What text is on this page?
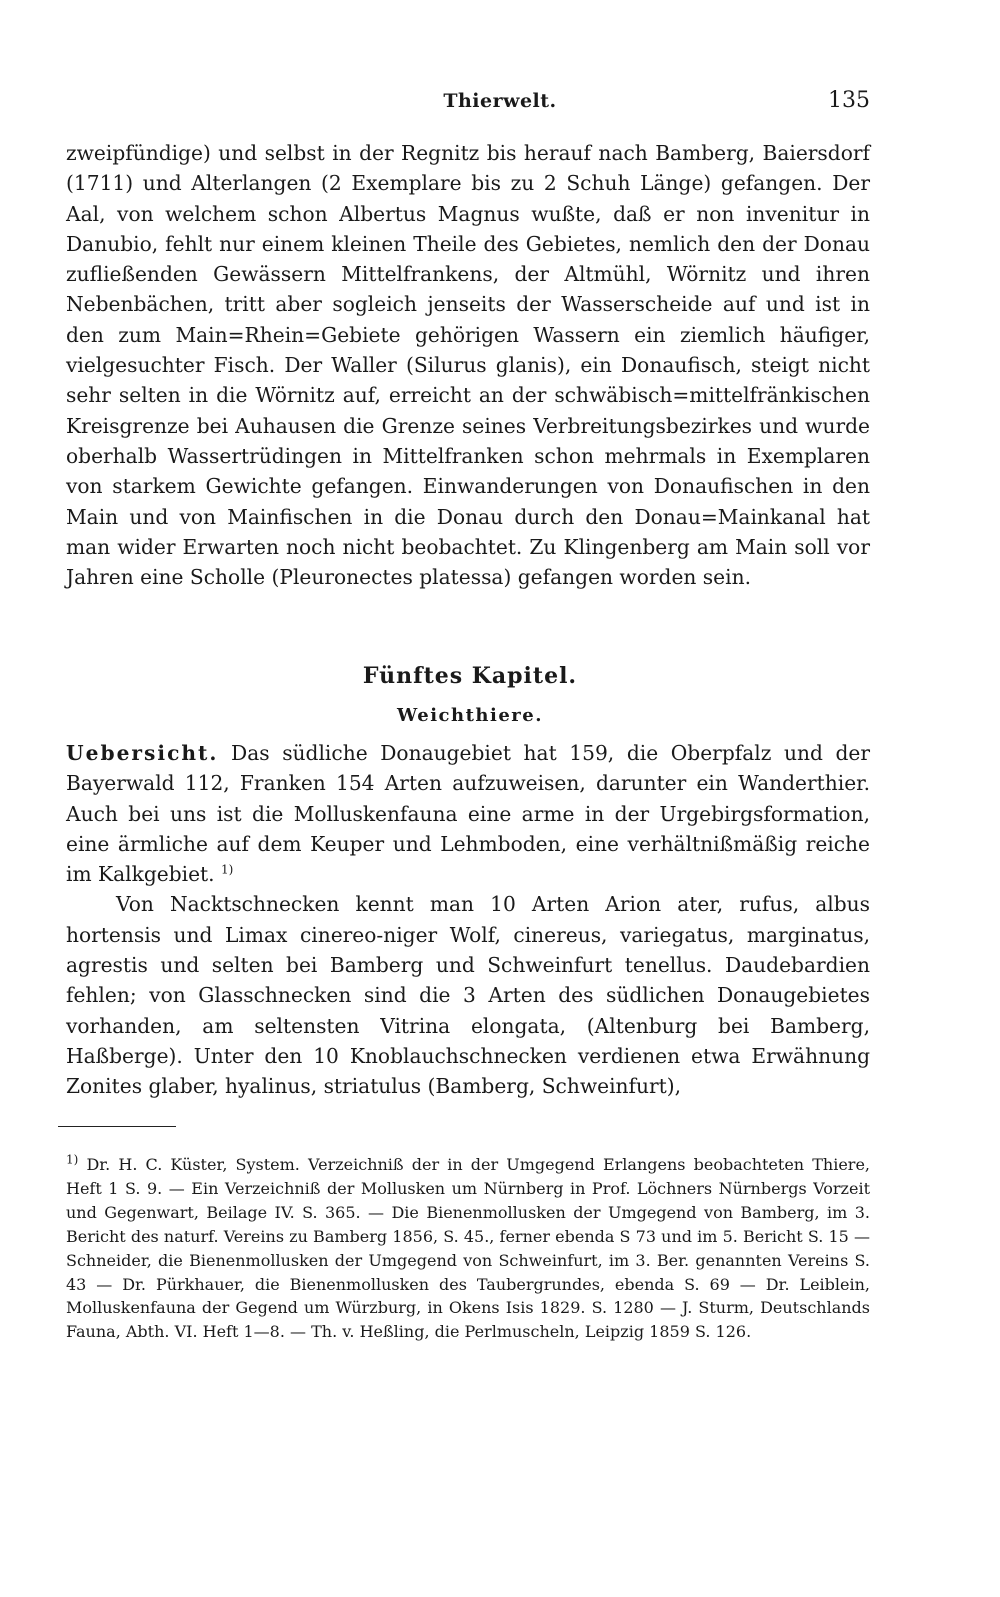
Thierwelt.	135

zweipfündige) und selbst in der Regnitz bis herauf nach Bamberg, Baiersdorf (1711) und Alterlangen (2 Exemplare bis zu 2 Schuh Länge) gefangen. Der Aal, von welchem schon Albertus Magnus wußte, daß er non invenitur in Danubio, fehlt nur einem kleinen Theile des Gebietes, nemlich den der Donau zufließenden Gewässern Mittelfrankens, der Altmühl, Wörnitz und ihren Nebenbächen, tritt aber sogleich jenseits der Wasserscheide auf und ist in den zum Main=Rhein=Gebiete gehörigen Wassern ein ziemlich häufiger, vielgesuchter Fisch. Der Waller (Silurus glanis), ein Donaufisch, steigt nicht sehr selten in die Wörnitz auf, erreicht an der schwäbisch=mittelfränkischen Kreisgrenze bei Auhausen die Grenze seines Verbreitungsbezirkes und wurde oberhalb Wassertrüdingen in Mittelfranken schon mehrmals in Exemplaren von starkem Gewichte gefangen. Einwanderungen von Donaufischen in den Main und von Mainfischen in die Donau durch den Donau=Mainkanal hat man wider Erwarten noch nicht beobachtet. Zu Klingenberg am Main soll vor Jahren eine Scholle (Pleuronectes platessa) gefangen worden sein.

Fünftes Kapitel.
Weichthiere.

Uebersicht. Das südliche Donaugebiet hat 159, die Oberpfalz und der Bayerwald 112, Franken 154 Arten aufzuweisen, darunter ein Wanderthier. Auch bei uns ist die Molluskenfauna eine arme in der Urgebirgsformation, eine ärmliche auf dem Keuper und Lehmboden, eine verhältnißmäßig reiche im Kalkgebiet. $^{1)}$

Von Nacktschnecken kennt man 10 Arten Arion ater, rufus, albus hortensis und Limax cinereo-niger Wolf, cinereus, variegatus, marginatus, agrestis und selten bei Bamberg und Schweinfurt tenellus. Daudebardien fehlen; von Glasschnecken sind die 3 Arten des südlichen Donaugebietes vorhanden, am seltensten Vitrina elongata, (Altenburg bei Bamberg, Haßberge). Unter den 10 Knoblauchschnecken verdienen etwa Erwähnung Zonites glaber, hyalinus, striatulus (Bamberg, Schweinfurt),

$^{1)}$ Dr. H. C. Küster, System. Verzeichniß der in der Umgegend Erlangens beobachteten Thiere, Heft 1 S. 9. — Ein Verzeichniß der Mollusken um Nürnberg in Prof. Löchners Nürnbergs Vorzeit und Gegenwart, Beilage IV. S. 365. — Die Bienenmollusken der Umgegend von Bamberg, im 3. Bericht des naturf. Vereins zu Bamberg 1856, S. 45., ferner ebenda S 73 und im 5. Bericht S. 15 — Schneider, die Bienenmollusken der Umgegend von Schweinfurt, im 3. Ber. genannten Vereins S. 43 — Dr. Pürkhauer, die Bienenmollusken des Taubergrundes, ebenda S. 69 — Dr. Leiblein, Molluskenfauna der Gegend um Würzburg, in Okens Isis 1829. S. 1280 — J. Sturm, Deutschlands Fauna, Abth. VI. Heft 1—8. — Th. v. Heßling, die Perlmuscheln, Leipzig 1859 S. 126.
